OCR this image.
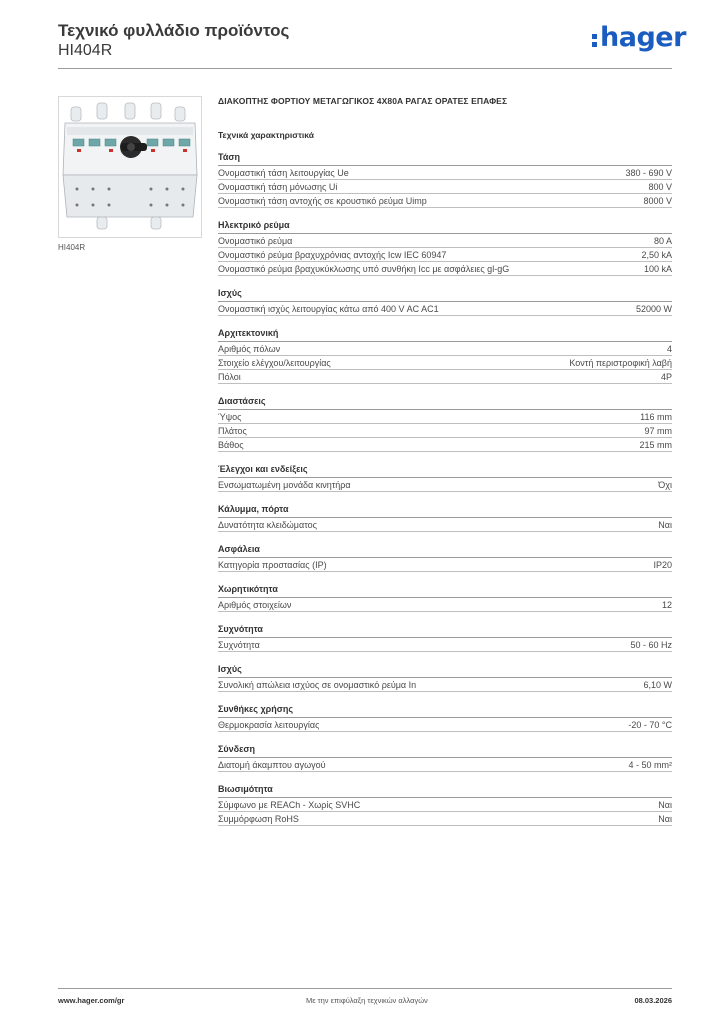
Τεχνικό φυλλάδιο προϊόντος
HI404R	hager
HI404R
ΔΙΑΚΟΠΤΗΣ ΦΟΡΤΙΟΥ ΜΕΤΑΓΩΓΙΚΟΣ 4X80A ΡΑΓΑΣ ΟΡΑΤΕΣ ΕΠΑΦΕΣ
Τεχνικά χαρακτηριστικά
Τάση
Ονομαστική τάση λειτουργίας Ue	380 - 690 V
Ονομαστική τάση μόνωσης Ui	800 V
Ονομαστική τάση αντοχής σε κρουστικό ρεύμα Uimp	8000 V
Ηλεκτρικό ρεύμα
Ονομαστικό ρεύμα	80 A
Ονομαστικό ρεύμα βραχυχρόνιας αντοχής Icw IEC 60947	2,50 kA
Ονομαστικό ρεύμα βραχυκύκλωσης υπό συνθήκη Icc με ασφάλειες gl-gG	100 kA
Ισχύς
Ονομαστική ισχύς λειτουργίας κάτω από 400 V AC AC1	52000 W
Αρχιτεκτονική
Αριθμός πόλων	4
Στοιχείο ελέγχου/λειτουργίας	Κοντή περιστροφική λαβή
Πόλοι	4P
Διαστάσεις
Ύψος	116 mm
Πλάτος	97 mm
Βάθος	215 mm
Έλεγχοι και ενδείξεις
Ενσωματωμένη μονάδα κινητήρα	Όχι
Κάλυμμα, πόρτα
Δυνατότητα κλειδώματος	Ναι
Ασφάλεια
Κατηγορία προστασίας (IP)	IP20
Χωρητικότητα
Αριθμός στοιχείων	12
Συχνότητα
Συχνότητα	50 - 60 Hz
Ισχύς
Συνολική απώλεια ισχύος σε ονομαστικό ρεύμα In	6,10 W
Συνθήκες χρήσης
Θερμοκρασία λειτουργίας	-20 - 70 °C
Σύνδεση
Διατομή άκαμπτου αγωγού	4 - 50 mm²
Βιωσιμότητα
Σύμφωνο με REACh - Χωρίς SVHC	Ναι
Συμμόρφωση RoHS	Ναι
www.hager.com/gr	Με την επιφύλαξη τεχνικών αλλαγών	08.03.2026
